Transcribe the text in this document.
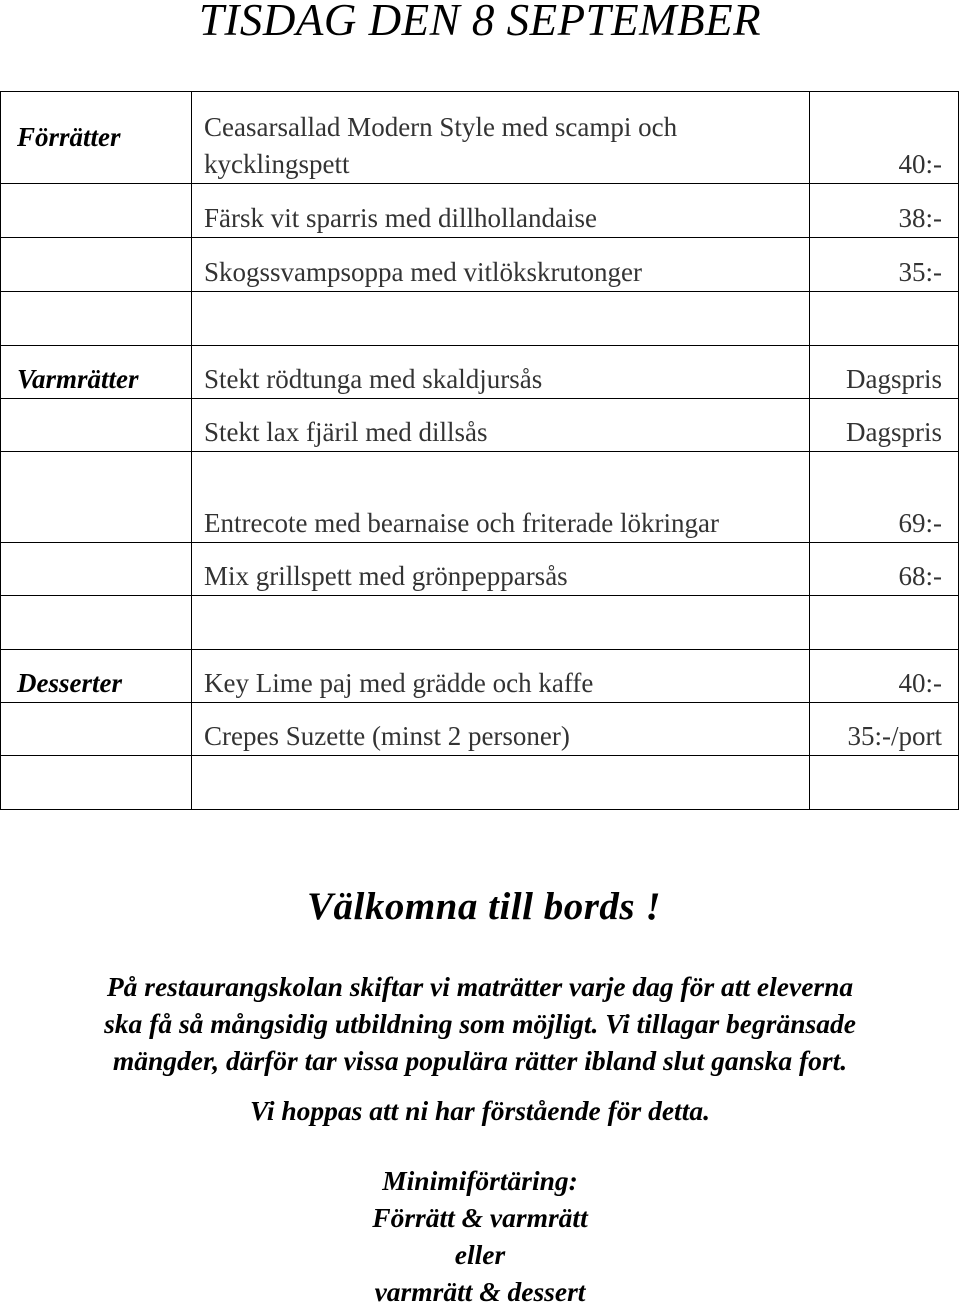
TISDAG DEN 8 SEPTEMBER
Förrätter	Ceasarsallad Modern Style med scampi och kycklingspett	40:-
	Färsk vit sparris med dillhollandaise	38:-
	Skogssvampsoppa med vitlökskrutonger	35:-

Varmrätter	Stekt rödtunga med skaldjursås	Dagspris
	Stekt lax fjäril med dillsås	Dagspris
	Entrecote med bearnaise och friterade lökringar	69:-
	Mix grillspett med grönpepparsås	68:-

Desserter	Key Lime paj med grädde och kaffe	40:-
	Crepes Suzette (minst 2 personer)	35:-/port

Välkomna till bords !
På restaurangskolan skiftar vi maträtter varje dag för att eleverna
ska få så mångsidig utbildning som möjligt. Vi tillagar begränsade
mängder, därför tar vissa populära rätter ibland slut ganska fort.
Vi hoppas att ni har förstående för detta.
Minimiförtäring:
Förrätt & varmrätt
eller
varmrätt & dessert
